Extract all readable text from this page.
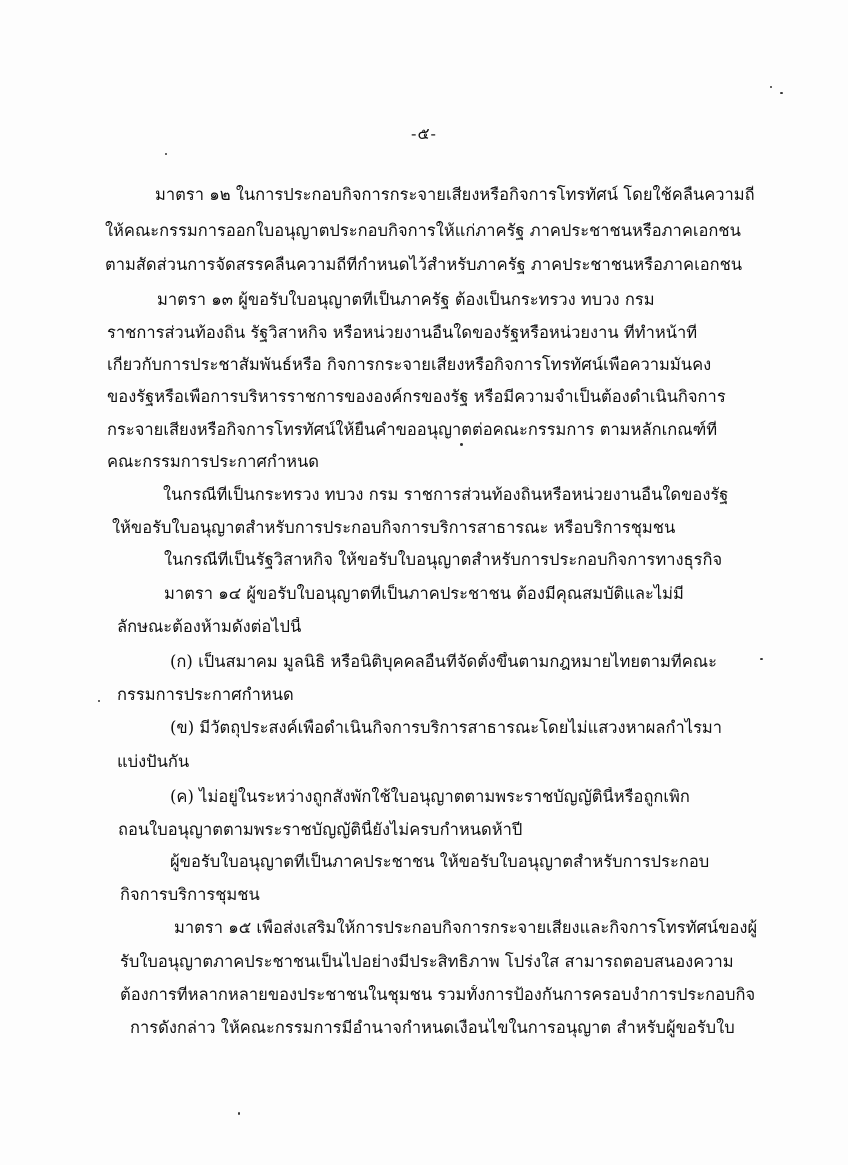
-๕-
มาตรา ๑๒ ในการประกอบกิจการกระจายเสียงหรือกิจการโทรทัศน์ โดยใช้คลื่นความถี่
ให้คณะกรรมการออกใบอนุญาตประกอบกิจการให้แก่ภาครัฐ ภาคประชาชนหรือภาคเอกชน
ตามสัดส่วนการจัดสรรคลื่นความถี่ที่กำหนดไว้สำหรับภาครัฐ ภาคประชาชนหรือภาคเอกชน
มาตรา ๑๓ ผู้ขอรับใบอนุญาตที่เป็นภาครัฐ ต้องเป็นกระทรวง ทบวง กรม
ราชการส่วนท้องถิ่น รัฐวิสาหกิจ หรือหน่วยงานอื่นใดของรัฐหรือหน่วยงาน ที่ทำหน้าที่
เกี่ยวกับการประชาสัมพันธ์หรือ กิจการกระจายเสียงหรือกิจการโทรทัศน์เพื่อความมั่นคง
ของรัฐหรือเพื่อการบริหารราชการขององค์กรของรัฐ หรือมีความจำเป็นต้องดำเนินกิจการ
กระจายเสียงหรือกิจการโทรทัศน์ให้ยื่นคำขออนุญาตต่อคณะกรรมการ ตามหลักเกณฑ์ที่
คณะกรรมการประกาศกำหนด
ในกรณีที่เป็นกระทรวง ทบวง กรม ราชการส่วนท้องถิ่นหรือหน่วยงานอื่นใดของรัฐ
ให้ขอรับใบอนุญาตสำหรับการประกอบกิจการบริการสาธารณะ หรือบริการชุมชน
ในกรณีที่เป็นรัฐวิสาหกิจ ให้ขอรับใบอนุญาตสำหรับการประกอบกิจการทางธุรกิจ
มาตรา ๑๔ ผู้ขอรับใบอนุญาตที่เป็นภาคประชาชน ต้องมีคุณสมบัติและไม่มี
ลักษณะต้องห้ามดังต่อไปนี้
(ก) เป็นสมาคม มูลนิธิ หรือนิติบุคคลอื่นที่จัดตั้งขึ้นตามกฎหมายไทยตามที่คณะ
กรรมการประกาศกำหนด
(ข) มีวัตถุประสงค์เพื่อดำเนินกิจการบริการสาธารณะโดยไม่แสวงหาผลกำไรมา
แบ่งปันกัน
(ค) ไม่อยู่ในระหว่างถูกสั่งพักใช้ใบอนุญาตตามพระราชบัญญัตินี้หรือถูกเพิก
ถอนใบอนุญาตตามพระราชบัญญัตินี้ยังไม่ครบกำหนดห้าปี
ผู้ขอรับใบอนุญาตที่เป็นภาคประชาชน ให้ขอรับใบอนุญาตสำหรับการประกอบ
กิจการบริการชุมชน
มาตรา ๑๕ เพื่อส่งเสริมให้การประกอบกิจการกระจายเสียงและกิจการโทรทัศน์ของผู้
รับใบอนุญาตภาคประชาชนเป็นไปอย่างมีประสิทธิภาพ โปร่งใส สามารถตอบสนองความ
ต้องการที่หลากหลายของประชาชนในชุมชน รวมทั้งการป้องกันการครอบงำการประกอบกิจ
การดังกล่าว ให้คณะกรรมการมีอำนาจกำหนดเงื่อนไขในการอนุญาต สำหรับผู้ขอรับใบ
